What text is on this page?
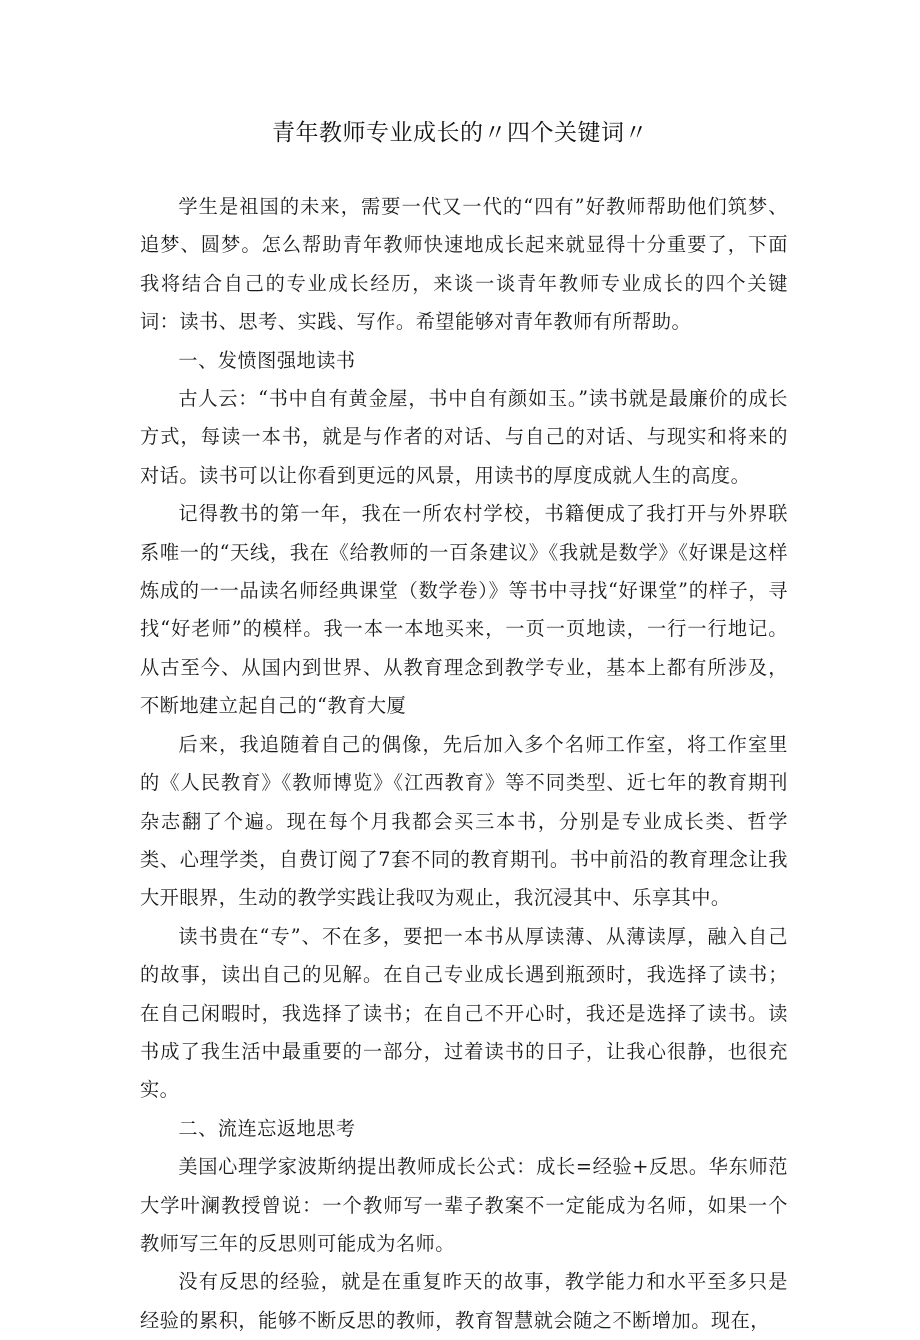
青年教师专业成长的〃四个关键词〃

学生是祖国的未来，需要一代又一代的“四有”好教师帮助他们筑梦、追梦、圆梦。怎么帮助青年教师快速地成长起来就显得十分重要了，下面我将结合自己的专业成长经历，来谈一谈青年教师专业成长的四个关键词：读书、思考、实践、写作。希望能够对青年教师有所帮助。

一、发愤图强地读书

古人云：“书中自有黄金屋，书中自有颜如玉。”读书就是最廉价的成长方式，每读一本书，就是与作者的对话、与自己的对话、与现实和将来的对话。读书可以让你看到更远的风景，用读书的厚度成就人生的高度。

记得教书的第一年，我在一所农村学校，书籍便成了我打开与外界联系唯一的“天线，我在《给教师的一百条建议》《我就是数学》《好课是这样炼成的一一品读名师经典课堂（数学卷）》等书中寻找“好课堂”的样子，寻找“好老师”的模样。我一本一本地买来，一页一页地读，一行一行地记。从古至今、从国内到世界、从教育理念到教学专业，基本上都有所涉及，不断地建立起自己的“教育大厦

后来，我追随着自己的偶像，先后加入多个名师工作室，将工作室里的《人民教育》《教师博览》《江西教育》等不同类型、近七年的教育期刊杂志翻了个遍。现在每个月我都会买三本书，分别是专业成长类、哲学类、心理学类，自费订阅了7套不同的教育期刊。书中前沿的教育理念让我大开眼界，生动的教学实践让我叹为观止，我沉浸其中、乐享其中。

读书贵在“专”、不在多，要把一本书从厚读薄、从薄读厚，融入自己的故事，读出自己的见解。在自己专业成长遇到瓶颈时，我选择了读书；在自己闲暇时，我选择了读书；在自己不开心时，我还是选择了读书。读书成了我生活中最重要的一部分，过着读书的日子，让我心很静，也很充实。

二、流连忘返地思考

美国心理学家波斯纳提出教师成长公式：成长=经验+反思。华东师范大学叶澜教授曾说：一个教师写一辈子教案不一定能成为名师，如果一个教师写三年的反思则可能成为名师。

没有反思的经验，就是在重复昨天的故事，教学能力和水平至多只是经验的累积，能够不断反思的教师，教育智慧就会随之不断增加。现在，
